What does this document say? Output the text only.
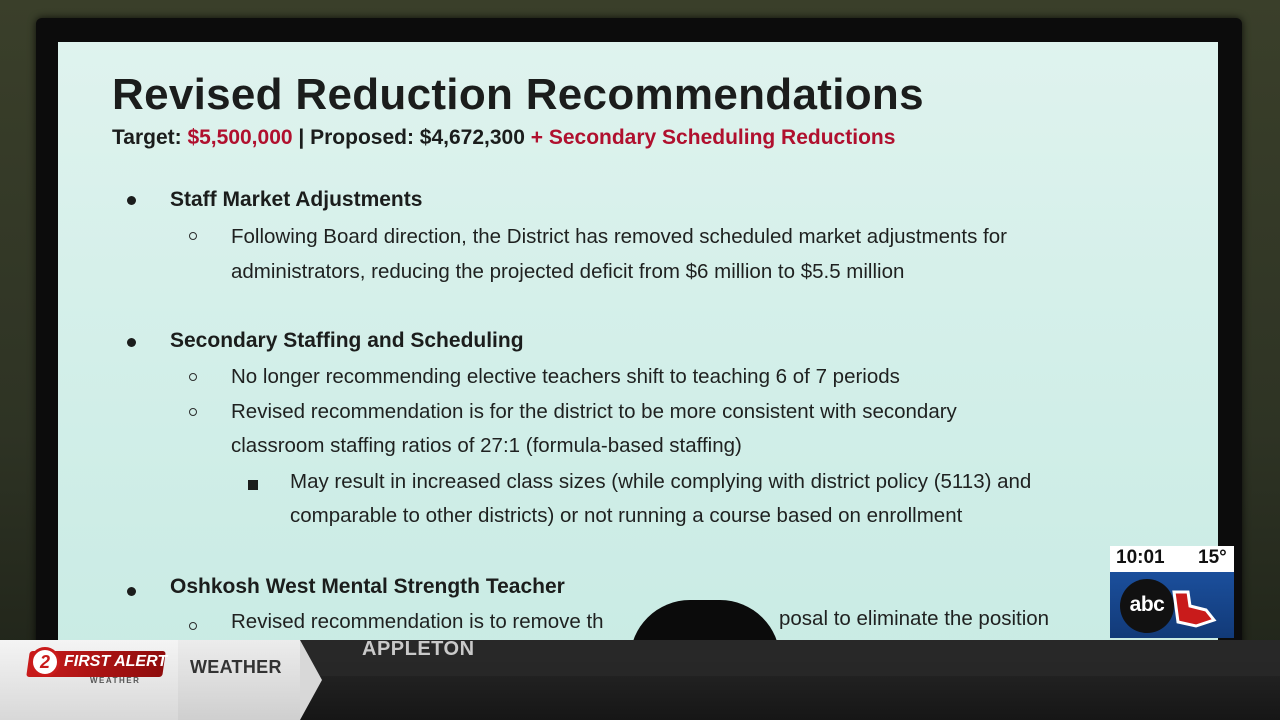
Revised Reduction Recommendations
Target: $5,500,000 | Proposed: $4,672,300 + Secondary Scheduling Reductions
Staff Market Adjustments
Following Board direction, the District has removed scheduled market adjustments for
administrators, reducing the projected deficit from $6 million to $5.5 million
Secondary Staffing and Scheduling
No longer recommending elective teachers shift to teaching 6 of 7 periods
Revised recommendation is for the district to be more consistent with secondary
classroom staffing ratios of 27:1 (formula-based staffing)
May result in increased class sizes (while complying with district policy (5113) and
comparable to other districts) or not running a course based on enrollment
Oshkosh West Mental Strength Teacher
Revised recommendation is to remove th	posal to eliminate the position
2 FIRST ALERT
WEATHER
WEATHER
APPLETON
10:01 15°
abc
